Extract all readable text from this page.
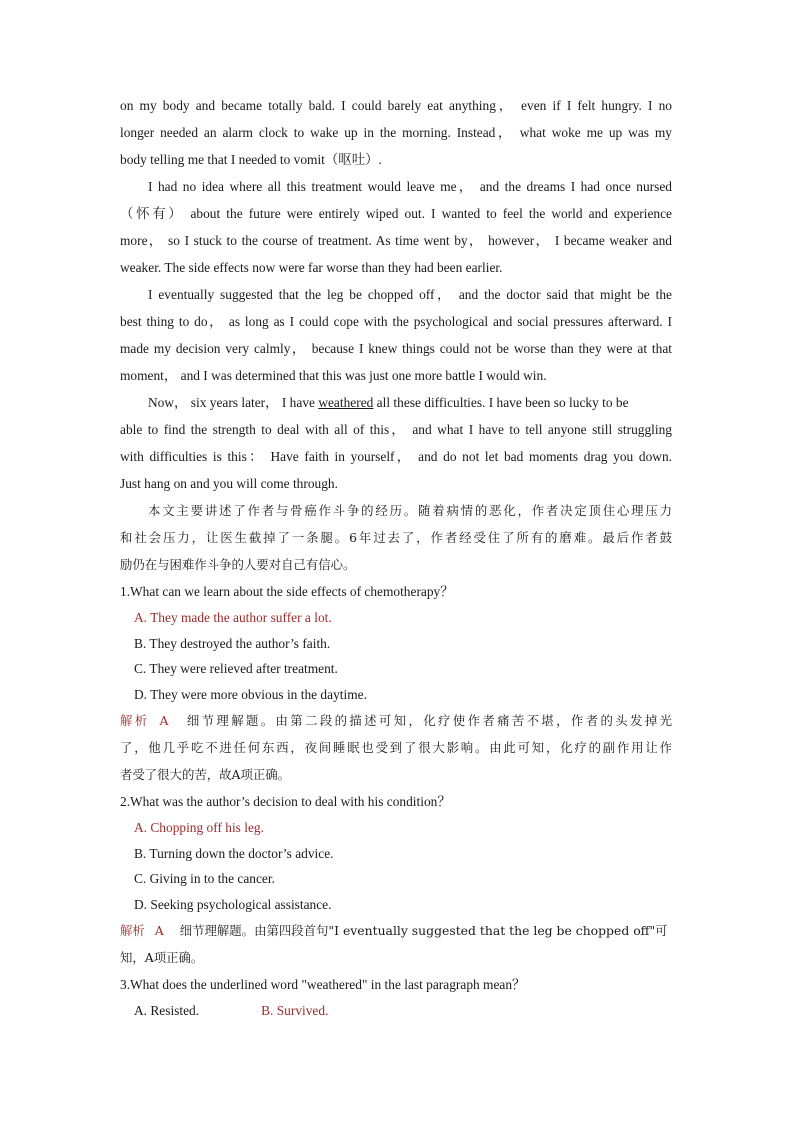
on my body and became totally bald. I could barely eat anything， even if I felt hungry. I no
longer needed an alarm clock to wake up in the morning. Instead， what woke me up was my
body telling me that I needed to vomit（呕吐）.
I had no idea where all this treatment would leave me， and the dreams I had once nursed
（怀有） about the future were entirely wiped out. I wanted to feel the world and experience
more， so I stuck to the course of treatment. As time went by， however， I became weaker and
weaker. The side effects now were far worse than they had been earlier.
I eventually suggested that the leg be chopped off， and the doctor said that might be the
best thing to do， as long as I could cope with the psychological and social pressures afterward. I
made my decision very calmly， because I knew things could not be worse than they were at that
moment， and I was determined that this was just one more battle I would win.
Now， six years later， I have weathered all these difficulties. I have been so lucky to be
able to find the strength to deal with all of this， and what I have to tell anyone still struggling
with difficulties is this： Have faith in yourself， and do not let bad moments drag you down.
Just hang on and you will come through.
本文主要讲述了作者与骨癌作斗争的经历。随着病情的恶化，作者决定顶住心理压力
和社会压力，让医生截掉了一条腿。6年过去了，作者经受住了所有的磨难。最后作者鼓
励仍在与困难作斗争的人要对自己有信心。
1.What can we learn about the side effects of chemotherapy？
A. They made the author suffer a lot.
B. They destroyed the author’s faith.
C. They were relieved after treatment.
D. They were more obvious in the daytime.
解析 A 细节理解题。由第二段的描述可知，化疗使作者痛苦不堪，作者的头发掉光
了，他几乎吃不进任何东西，夜间睡眠也受到了很大影响。由此可知，化疗的副作用让作
者受了很大的苦，故A项正确。
2.What was the author’s decision to deal with his condition？
A. Chopping off his leg.
B. Turning down the doctor’s advice.
C. Giving in to the cancer.
D. Seeking psychological assistance.
解析 A 细节理解题。由第四段首句"I eventually suggested that the leg be chopped off"可
知，A项正确。
3.What does the underlined word "weathered" in the last paragraph mean？
A. Resisted.	B. Survived.
